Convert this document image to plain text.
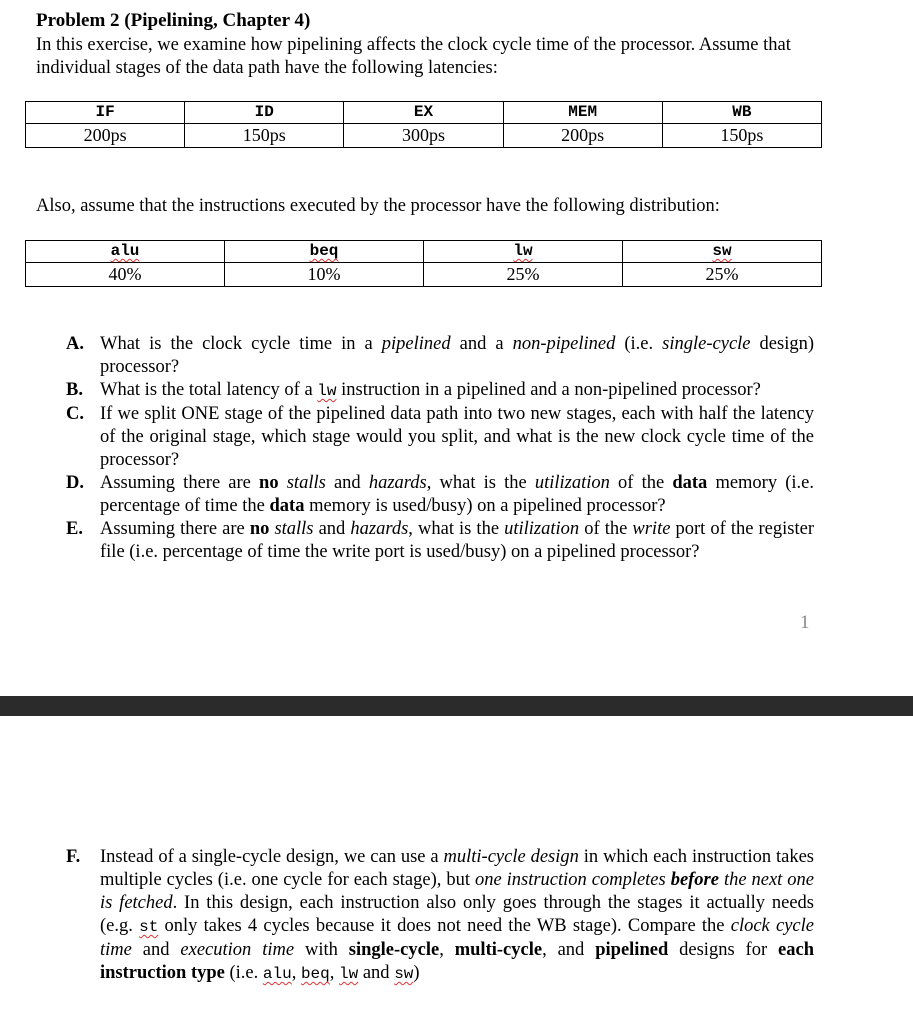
Problem 2 (Pipelining, Chapter 4)
In this exercise, we examine how pipelining affects the clock cycle time of the processor. Assume that individual stages of the data path have the following latencies:
IF	ID	EX	MEM	WB
200ps	150ps	300ps	200ps	150ps
Also, assume that the instructions executed by the processor have the following distribution:
alu	beq	lw	sw
40%	10%	25%	25%

A. What is the clock cycle time in a pipelined and a non-pipelined (i.e. single-cycle design) processor?

B. What is the total latency of a lw instruction in a pipelined and a non-pipelined processor?

C. If we split ONE stage of the pipelined data path into two new stages, each with half the latency of the original stage, which stage would you split, and what is the new clock cycle time of the processor?

D. Assuming there are no stalls and hazards, what is the utilization of the data memory (i.e. percentage of time the data memory is used/busy) on a pipelined processor?

E. Assuming there are no stalls and hazards, what is the utilization of the write port of the register file (i.e. percentage of time the write port is used/busy) on a pipelined processor?

1

F. Instead of a single-cycle design, we can use a multi-cycle design in which each instruction takes multiple cycles (i.e. one cycle for each stage), but one instruction completes before the next one is fetched. In this design, each instruction also only goes through the stages it actually needs (e.g. st only takes 4 cycles because it does not need the WB stage). Compare the clock cycle time and execution time with single-cycle, multi-cycle, and pipelined designs for each instruction type (i.e. alu, beq, lw and sw)
